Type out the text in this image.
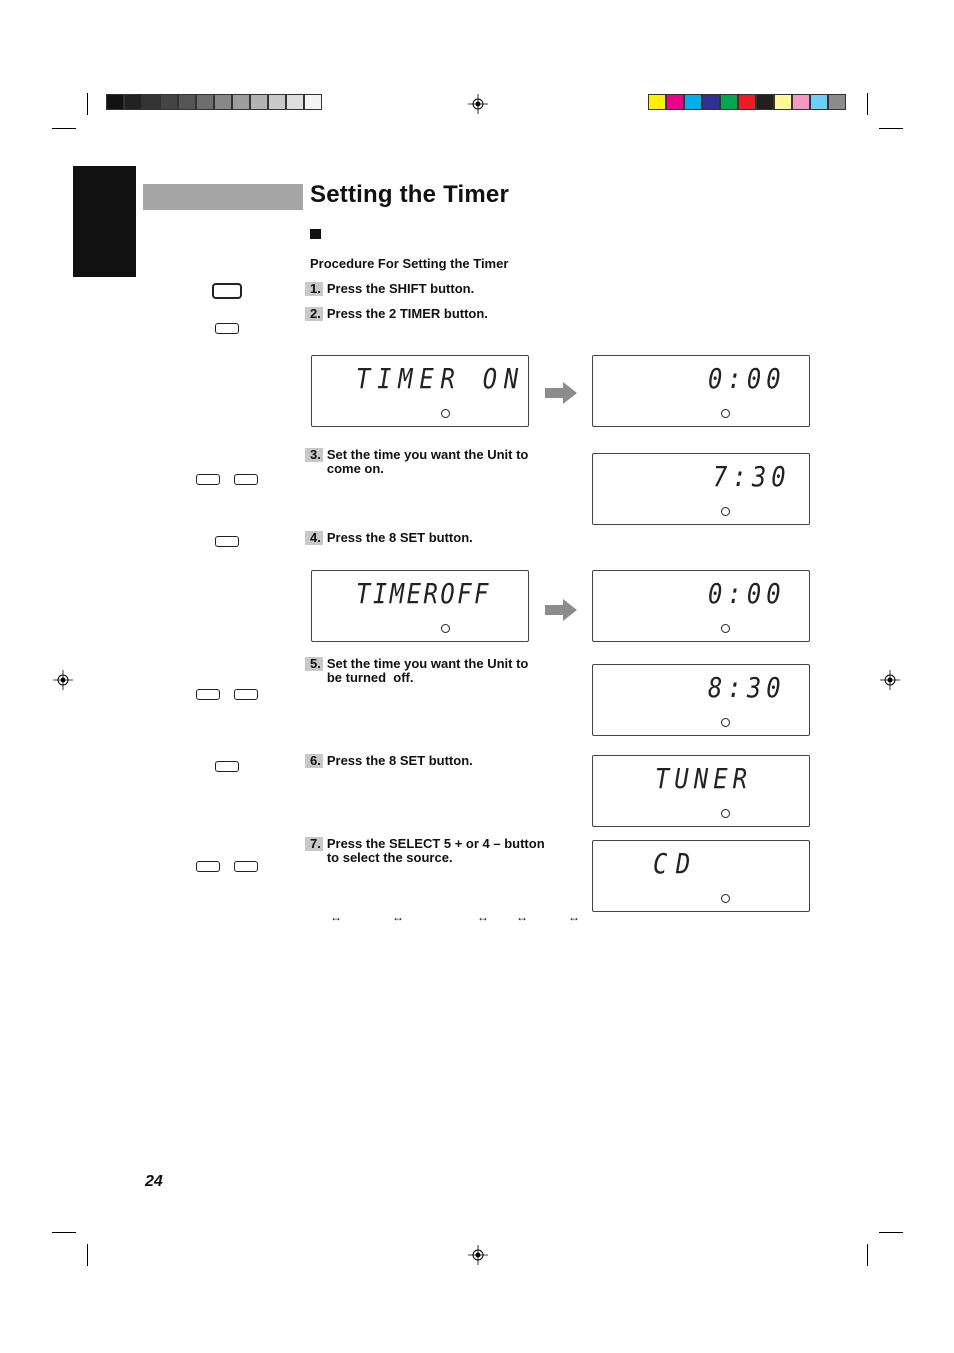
Setting the Timer
Procedure For Setting the Timer
1. Press the SHIFT button.
2. Press the 2 TIMER button.
3. Set the time you want the Unit to
come on.
4. Press the 8 SET button.
5. Set the time you want the Unit to
be turned  off.
6. Press the 8 SET button.
7. Press the SELECT 5 + or 4 – button
to select the source.
TIMER ON	0:00
7:30
TIMEROFF	0:00
8:30
TUNER
CD
↔	↔	↔ ↔	↔
24
